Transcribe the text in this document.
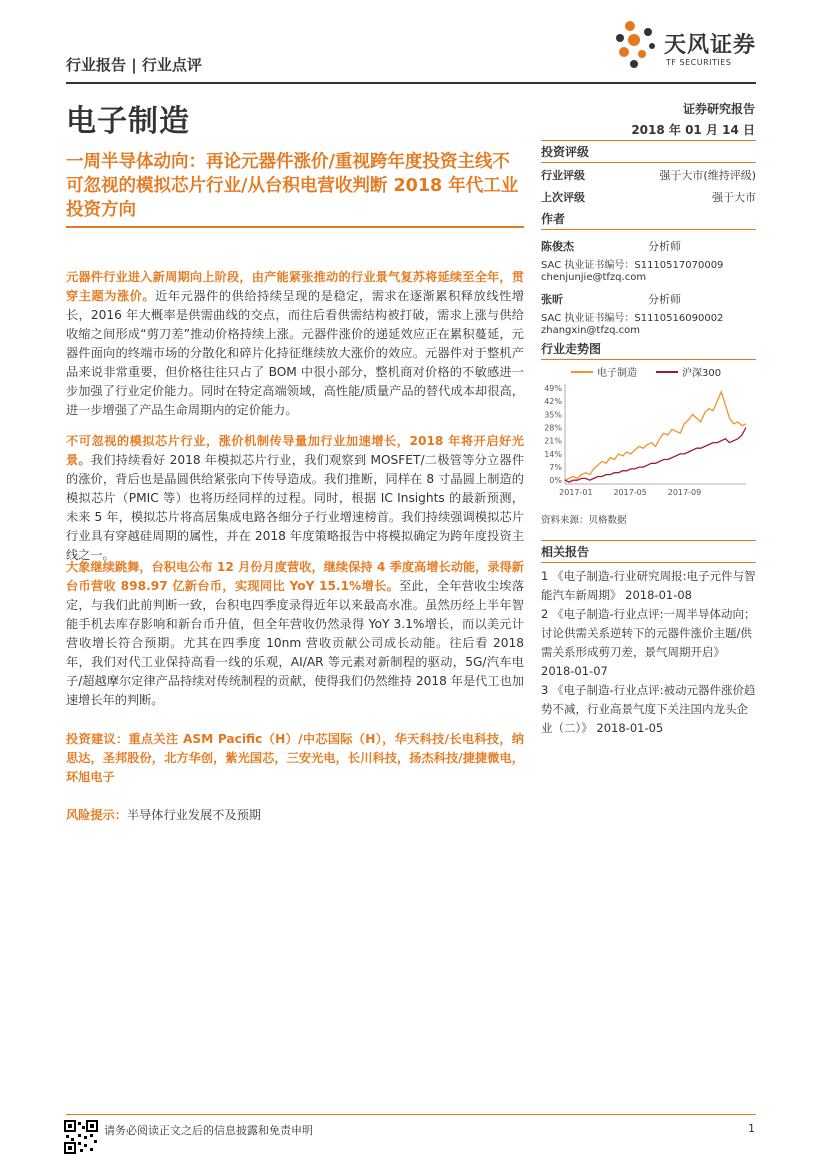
行业报告 | 行业点评
电子制造	证券研究报告
2018 年 01 月 14 日
天风证券
TF SECURITIES
一周半导体动向：再论元器件涨价/重视跨年度投资主线不可忽视的模拟芯片行业/从台积电营收判断 2018 年代工业投资方向
元器件行业进入新周期向上阶段，由产能紧张推动的行业景气复苏将延续至全年，贯穿主题为涨价。近年元器件的供给持续呈现的是稳定，需求在逐渐累积释放线性增长，2016 年大概率是供需曲线的交点，而往后看供需结构被打破，需求上涨与供给收缩之间形成“剪刀差”推动价格持续上涨。元器件涨价的递延效应正在累积蔓延，元器件面向的终端市场的分散化和碎片化持征继续放大涨价的效应。元器件对于整机产品来说非常重要，但价格往往只占了 BOM 中很小部分，整机商对价格的不敏感进一步加强了行业定价能力。同时在特定高端领域，高性能/质量产品的替代成本却很高，进一步增强了产品生命周期内的定价能力。
不可忽视的模拟芯片行业，涨价机制传导量加行业加速增长，2018 年将开启好光景。我们持续看好 2018 年模拟芯片行业，我们观察到 MOSFET/二极管等分立器件的涨价，背后也是晶圆供给紧张向下传导造成。我们推断，同样在 8 寸晶圆上制造的模拟芯片（PMIC 等）也将历经同样的过程。同时，根据 IC Insights 的最新预测，未来 5 年，模拟芯片将高居集成电路各细分子行业增速榜首。我们持续强调模拟芯片行业具有穿越硅周期的属性，并在 2018 年度策略报告中将模拟确定为跨年度投资主线之一。
大象继续跳舞，台积电公布 12 月份月度营收，继续保持 4 季度高增长动能，录得新台币营收 898.97 亿新台币，实现同比 YoY 15.1%增长。至此，全年营收尘埃落定，与我们此前判断一致，台积电四季度录得近年以来最高水准。虽然历经上半年智能手机去库存影响和新台币升值，但全年营收仍然录得 YoY 3.1%增长，而以美元计营收增长符合预期。尤其在四季度 10nm 营收贡献公司成长动能。往后看 2018 年，我们对代工业保持高看一线的乐观，AI/AR 等元素对新制程的驱动，5G/汽车电子/超越摩尔定律产品持续对传统制程的贡献，使得我们仍然维持 2018 年是代工也加速增长年的判断。
投资建议：重点关注 ASM Pacific（H）/中芯国际（H），华天科技/长电科技，纳思达，圣邦股份，北方华创，紫光国芯，三安光电，长川科技，扬杰科技/捷捷微电，环旭电子
风险提示：半导体行业发展不及预期
投资评级
行业评级	强于大市(维持评级)
上次评级	强于大市
作者
陈俊杰	分析师
SAC 执业证书编号：S1110517070009
chenjunjie@tfzq.com
张昕	分析师
SAC 执业证书编号：S1110516090002
zhangxin@tfzq.com
行业走势图
电子制造	沪深300
0%
7%
14%
21%
28%
35%
42%
49%
2017-01	2017-05	2017-09
资料来源：贝格数据
相关报告
1 《电子制造-行业研究周报:电子元件与智能汽车新周期》 2018-01-08
2 《电子制造-行业点评:一周半导体动向；讨论供需关系逆转下的元器件涨价主题/供需关系形成剪刀差，景气周期开启》 2018-01-07
3 《电子制造-行业点评:被动元器件涨价趋势不减，行业高景气度下关注国内龙头企业（二）》 2018-01-05
请务必阅读正文之后的信息披露和免责申明	1
